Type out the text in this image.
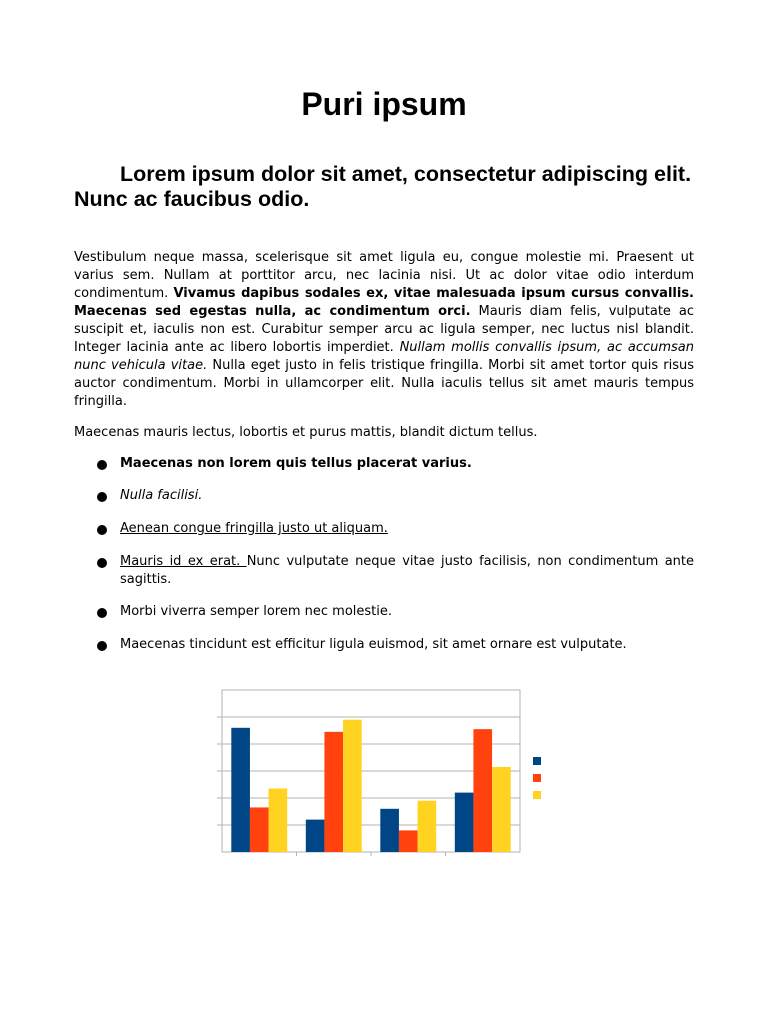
Puri ipsum
Lorem ipsum dolor sit amet, consectetur adipiscing elit. Nunc ac faucibus odio.

Vestibulum neque massa, scelerisque sit amet ligula eu, congue molestie mi. Praesent ut varius sem. Nullam at porttitor arcu, nec lacinia nisi. Ut ac dolor vitae odio interdum condimentum. Vivamus dapibus sodales ex, vitae malesuada ipsum cursus convallis. Maecenas sed egestas nulla, ac condimentum orci. Mauris diam felis, vulputate ac suscipit et, iaculis non est. Curabitur semper arcu ac ligula semper, nec luctus nisl blandit. Integer lacinia ante ac libero lobortis imperdiet. Nullam mollis convallis ipsum, ac accumsan nunc vehicula vitae. Nulla eget justo in felis tristique fringilla. Morbi sit amet tortor quis risus auctor condimentum. Morbi in ullamcorper elit. Nulla iaculis tellus sit amet mauris tempus fringilla.

Maecenas mauris lectus, lobortis et purus mattis, blandit dictum tellus.

Maecenas non lorem quis tellus placerat varius.
Nulla facilisi.
Aenean congue fringilla justo ut aliquam.
Mauris id ex erat. Nunc vulputate neque vitae justo facilisis, non condimentum ante sagittis.
Morbi viverra semper lorem nec molestie.
Maecenas tincidunt est efficitur ligula euismod, sit amet ornare est vulputate.
